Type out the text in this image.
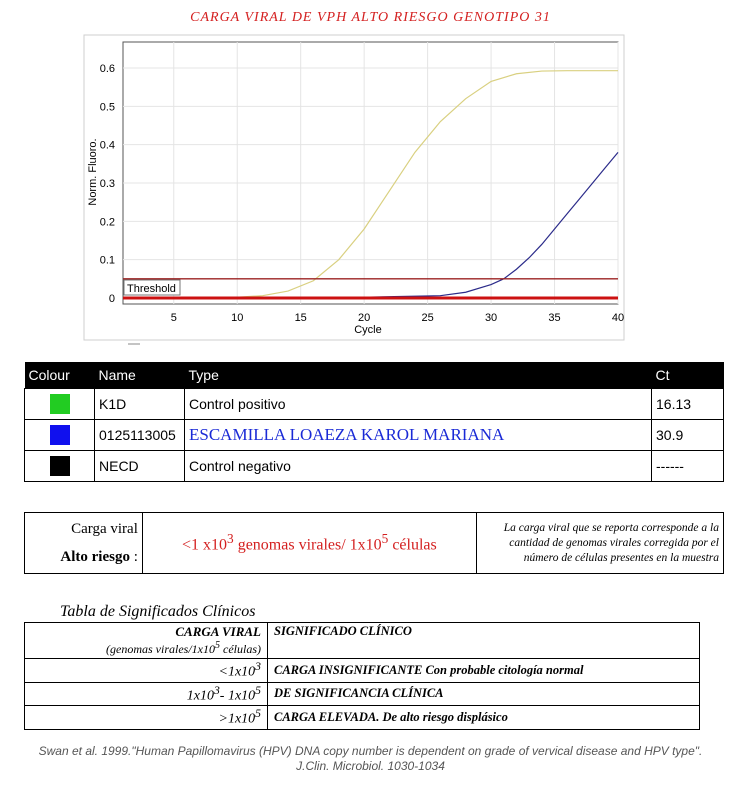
CARGA VIRAL DE VPH ALTO RIESGO GENOTIPO 31
0
0.1
0.2
0.3
0.4
0.5
0.6
5	10	15	20	25	30	35	40
Threshold
Norm. Fluoro.
Cycle
Colour	Name	Type	Ct
	K1D	Control positivo	16.13
	0125113005	ESCAMILLA LOAEZA KAROL MARIANA	30.9
	NECD	Control negativo	------
Carga viral
Alto riesgo :
	<1 $x10^3$ genomas virales/ $1x10^5$ células	La carga viral que se reporta corresponde a la cantidad de genomas virales corregida por el número de células presentes en la muestra
Tabla de Significados Clínicos
CARGA VIRAL
(genomas virales/$1x10^5$ células)	SIGNIFICADO CLÍNICO
$<1x10^3$	CARGA INSIGNIFICANTE Con probable citología normal
$1x10^3-$ $1x10^5$	DE SIGNIFICANCIA CLÍNICA
$>1x10^5$	CARGA ELEVADA. De alto riesgo displásico
Swan et al. 1999."Human Papillomavirus (HPV) DNA copy number is dependent on grade of vervical disease and HPV type".
J.Clin. Microbiol. 1030-1034
